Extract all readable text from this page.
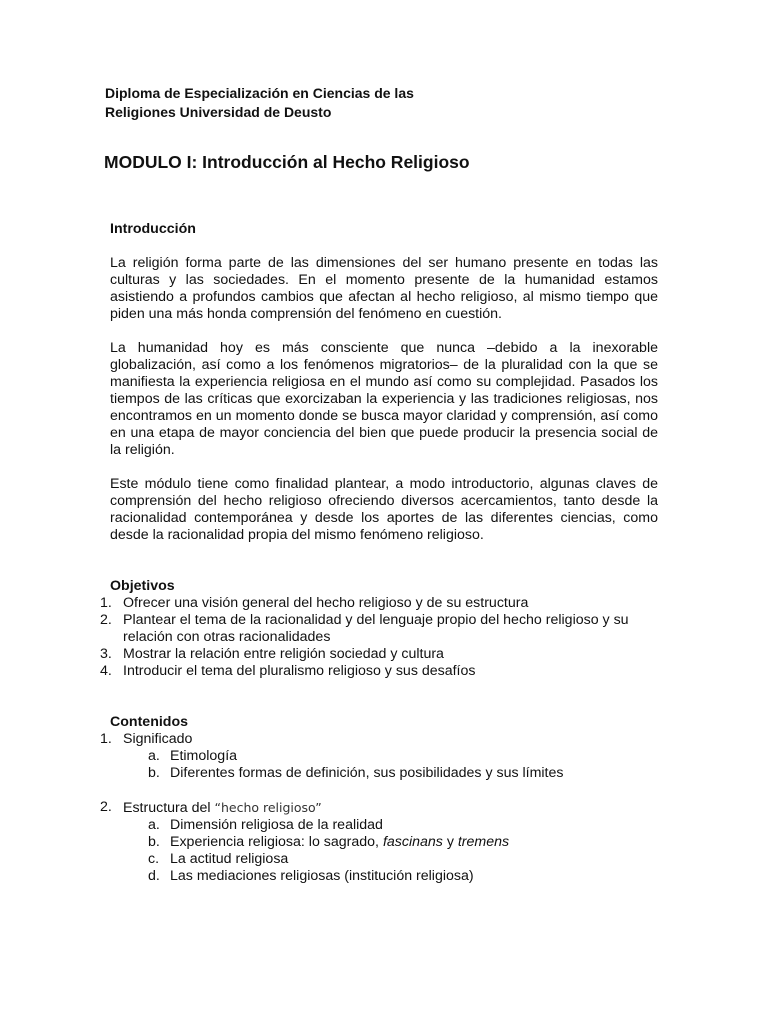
Diploma de Especialización en Ciencias de las
Religiones Universidad de Deusto
MODULO I: Introducción al Hecho Religioso
Introducción

La religión forma parte de las dimensiones del ser humano presente en todas las culturas y las sociedades. En el momento presente de la humanidad estamos asistiendo a profundos cambios que afectan al hecho religioso, al mismo tiempo que piden una más honda comprensión del fenómeno en cuestión.

La humanidad hoy es más consciente que nunca –debido a la inexorable globalización, así como a los fenómenos migratorios– de la pluralidad con la que se manifiesta la experiencia religiosa en el mundo así como su complejidad. Pasados los tiempos de las críticas que exorcizaban la experiencia y las tradiciones religiosas, nos encontramos en un momento donde se busca mayor claridad y comprensión, así como en una etapa de mayor conciencia del bien que puede producir la presencia social de la religión.

Este módulo tiene como finalidad plantear, a modo introductorio, algunas claves de comprensión del hecho religioso ofreciendo diversos acercamientos, tanto desde la racionalidad contemporánea y desde los aportes de las diferentes ciencias, como desde la racionalidad propia del mismo fenómeno religioso.

Objetivos
1. Ofrecer una visión general del hecho religioso y de su estructura
2. Plantear el tema de la racionalidad y del lenguaje propio del hecho religioso y su relación con otras racionalidades
3. Mostrar la relación entre religión sociedad y cultura
4. Introducir el tema del pluralismo religioso y sus desafíos
Contenidos
1. Significado
a. Etimología
b. Diferentes formas de definición, sus posibilidades y sus límites
2. Estructura del “hecho religioso”
a. Dimensión religiosa de la realidad
b. Experiencia religiosa: lo sagrado, fascinans y tremens
c. La actitud religiosa
d. Las mediaciones religiosas (institución religiosa)
